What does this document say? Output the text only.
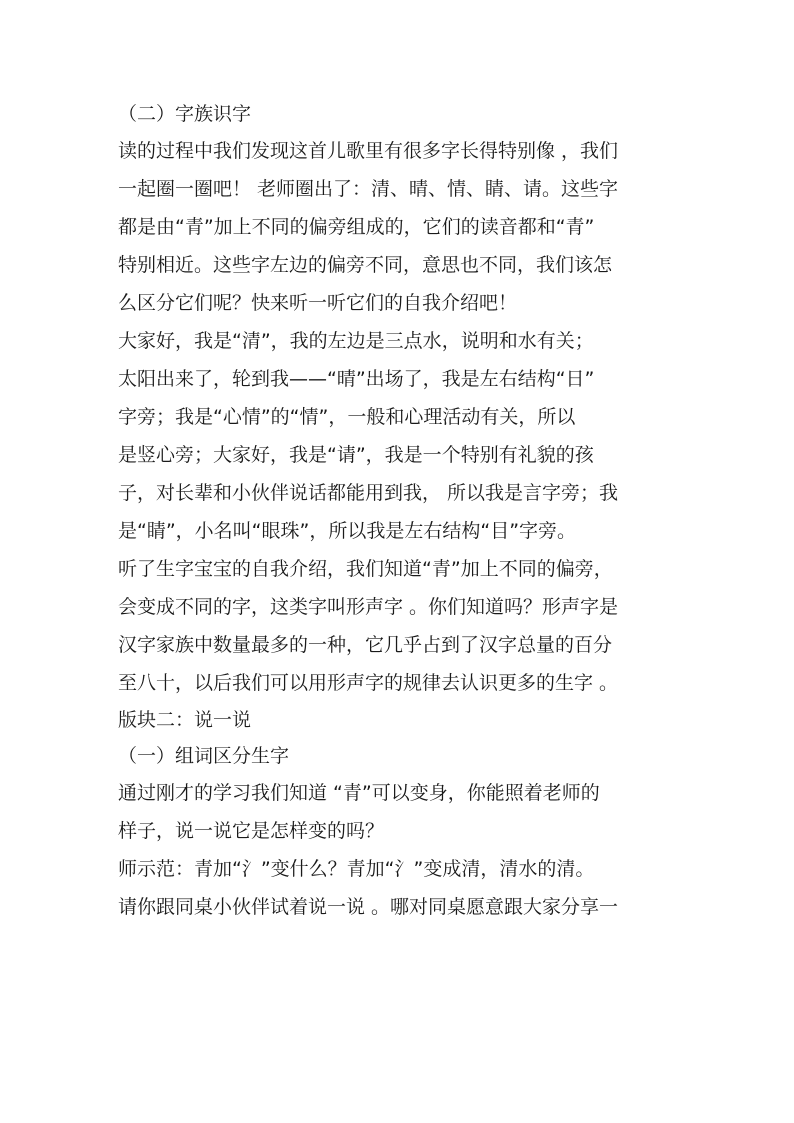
（二）字族识字
读的过程中我们发现这首儿歌里有很多字长得特别像 ，我们
一起圈一圈吧！ 老师圈出了：清、晴、情、睛、请。这些字
都是由“青”加上不同的偏旁组成的，它们的读音都和“青”
特别相近。这些字左边的偏旁不同，意思也不同，我们该怎
么区分它们呢？快来听一听它们的自我介绍吧！
大家好，我是“清”，我的左边是三点水，说明和水有关；
太阳出来了，轮到我——“晴”出场了，我是左右结构“日”
字旁；我是“心情”的“情”，一般和心理活动有关，所以
是竖心旁；大家好，我是“请”，我是一个特别有礼貌的孩
子，对长辈和小伙伴说话都能用到我， 所以我是言字旁；我
是“睛”，小名叫“眼珠”，所以我是左右结构“目”字旁。
听了生字宝宝的自我介绍，我们知道“青”加上不同的偏旁，
会变成不同的字，这类字叫形声字 。你们知道吗？形声字是
汉字家族中数量最多的一种，它几乎占到了汉字总量的百分
至八十，以后我们可以用形声字的规律去认识更多的生字 。
版块二：说一说
（一）组词区分生字
通过刚才的学习我们知道 “青”可以变身，你能照着老师的
样子，说一说它是怎样变的吗？
师示范：青加“氵”变什么？青加“氵”变成清，清水的清。
请你跟同桌小伙伴试着说一说 。哪对同桌愿意跟大家分享一
